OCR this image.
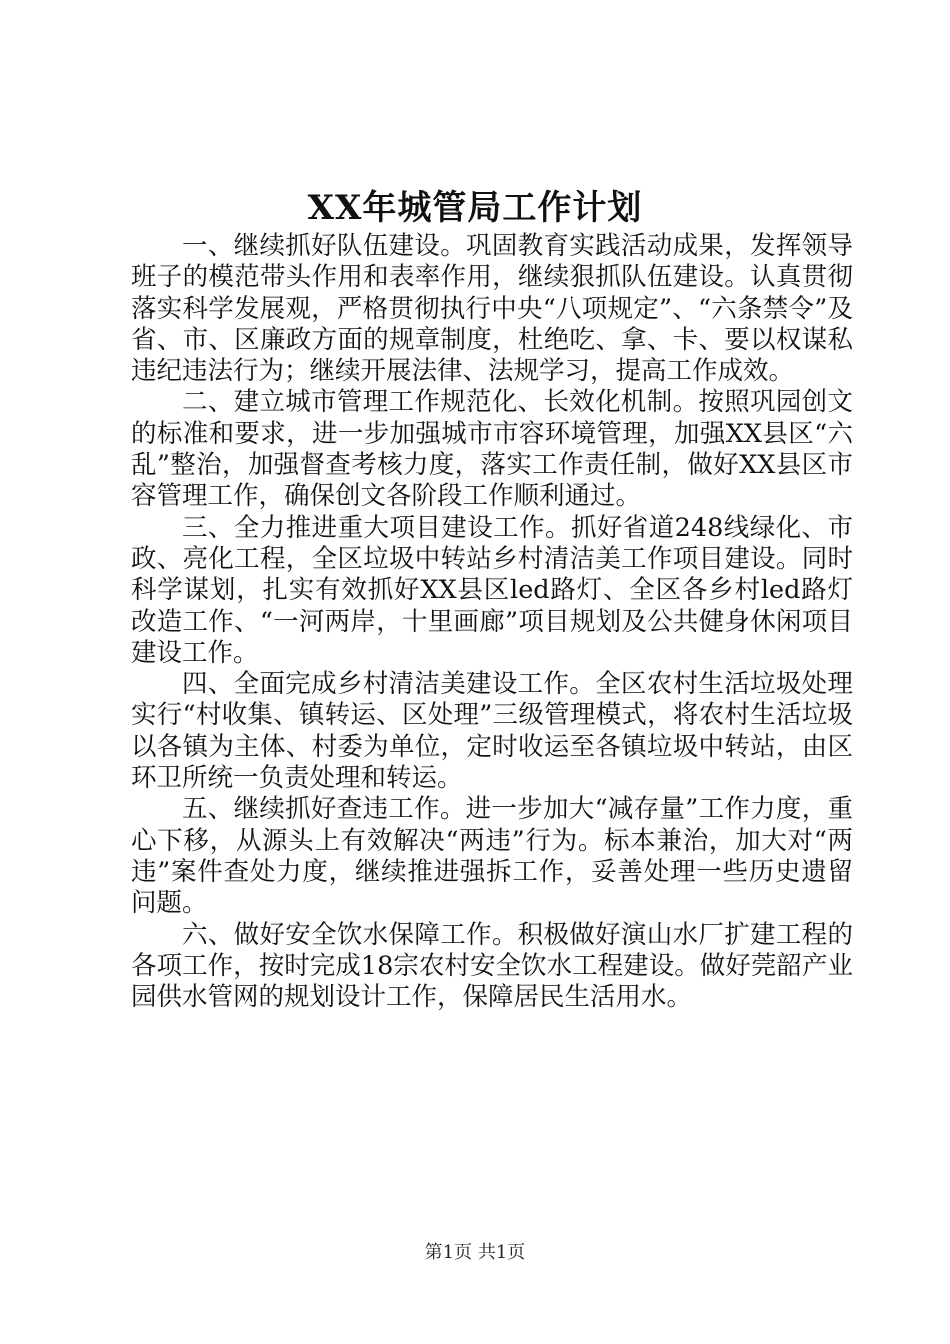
XX年城管局工作计划

一、继续抓好队伍建设。巩固教育实践活动成果，发挥领导班子的模范带头作用和表率作用，继续狠抓队伍建设。认真贯彻落实科学发展观，严格贯彻执行中央“八项规定”、“六条禁令”及省、市、区廉政方面的规章制度，杜绝吃、拿、卡、要以权谋私违纪违法行为；继续开展法律、法规学习，提高工作成效。

二、建立城市管理工作规范化、长效化机制。按照巩园创文的标准和要求，进一步加强城市市容环境管理，加强XX县区“六乱”整治，加强督查考核力度，落实工作责任制，做好XX县区市容管理工作，确保创文各阶段工作顺利通过。

三、全力推进重大项目建设工作。抓好省道248线绿化、市政、亮化工程，全区垃圾中转站乡村清洁美工作项目建设。同时科学谋划，扎实有效抓好XX县区led路灯、全区各乡村led路灯改造工作、“一河两岸，十里画廊”项目规划及公共健身休闲项目建设工作。

四、全面完成乡村清洁美建设工作。全区农村生活垃圾处理实行“村收集、镇转运、区处理”三级管理模式，将农村生活垃圾以各镇为主体、村委为单位，定时收运至各镇垃圾中转站，由区环卫所统一负责处理和转运。

五、继续抓好查违工作。进一步加大“减存量”工作力度，重心下移，从源头上有效解决“两违”行为。标本兼治，加大对“两违”案件查处力度，继续推进强拆工作，妥善处理一些历史遗留问题。

六、做好安全饮水保障工作。积极做好演山水厂扩建工程的各项工作，按时完成18宗农村安全饮水工程建设。做好莞韶产业园供水管网的规划设计工作，保障居民生活用水。

第1页 共1页
